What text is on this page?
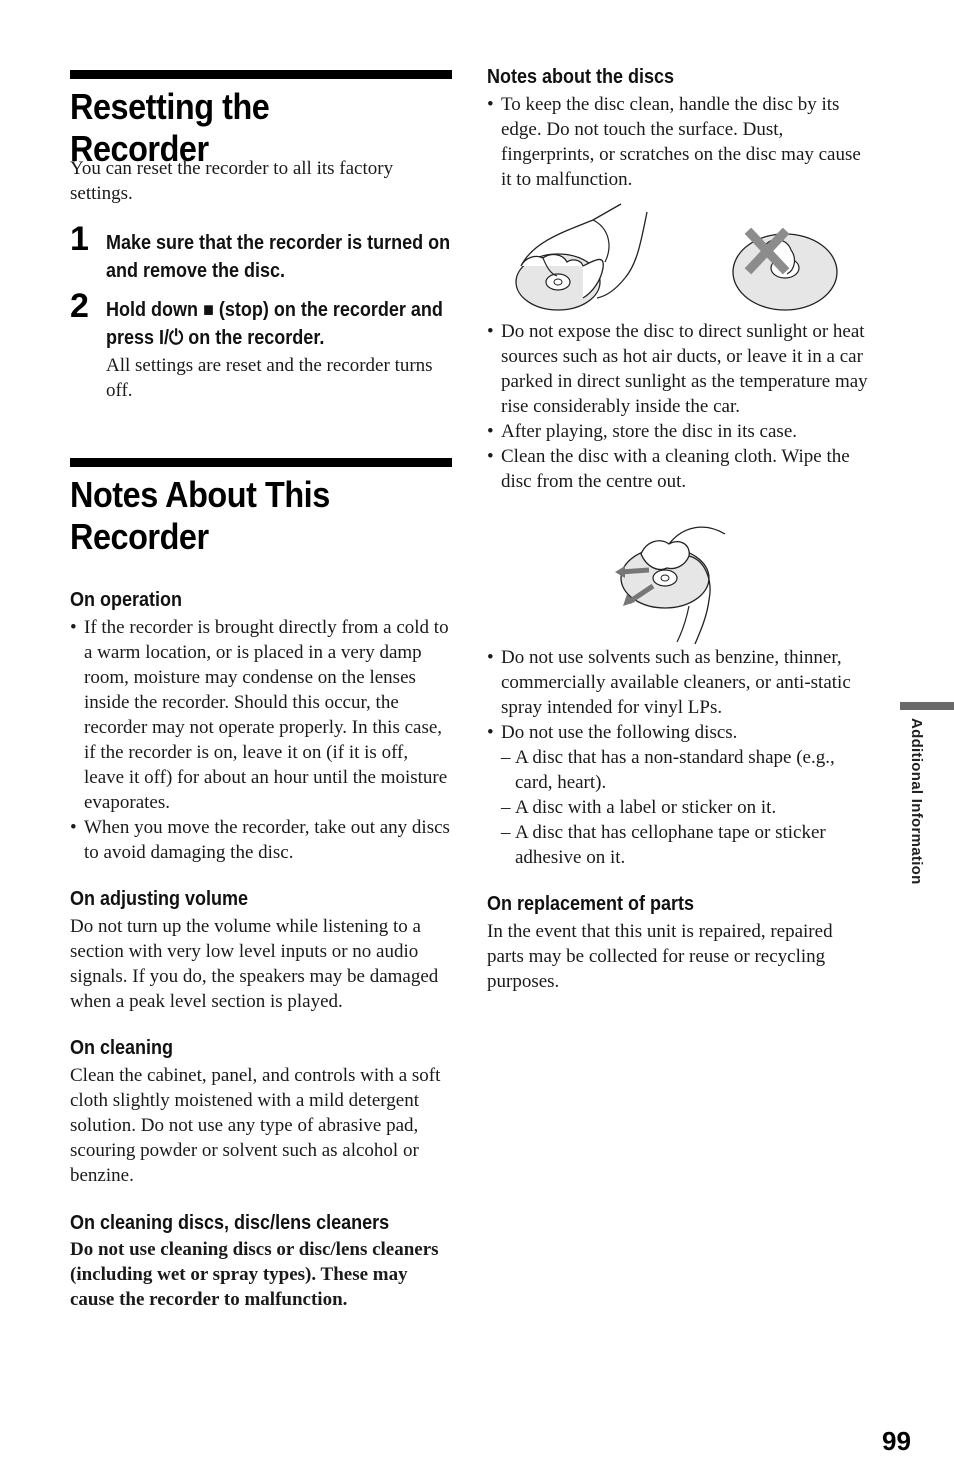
Resetting the Recorder

You can reset the recorder to all its factory settings.

1 Make sure that the recorder is turned on and remove the disc.

2 Hold down ■ (stop) on the recorder and press I/⏻ on the recorder.

All settings are reset and the recorder turns off.

Notes About This Recorder
On operation
• If the recorder is brought directly from a cold to a warm location, or is placed in a very damp room, moisture may condense on the lenses inside the recorder. Should this occur, the recorder may not operate properly. In this case, if the recorder is on, leave it on (if it is off, leave it off) for about an hour until the moisture evaporates.
• When you move the recorder, take out any discs to avoid damaging the disc.
On adjusting volume

Do not turn up the volume while listening to a section with very low level inputs or no audio signals. If you do, the speakers may be damaged when a peak level section is played.

On cleaning

Clean the cabinet, panel, and controls with a soft cloth slightly moistened with a mild detergent solution. Do not use any type of abrasive pad, scouring powder or solvent such as alcohol or benzine.

On cleaning discs, disc/lens cleaners

Do not use cleaning discs or disc/lens cleaners (including wet or spray types). These may cause the recorder to malfunction.

Notes about the discs
• To keep the disc clean, handle the disc by its edge. Do not touch the surface. Dust, fingerprints, or scratches on the disc may cause it to malfunction.
• Do not expose the disc to direct sunlight or heat sources such as hot air ducts, or leave it in a car parked in direct sunlight as the temperature may rise considerably inside the car.
• After playing, store the disc in its case.
• Clean the disc with a cleaning cloth. Wipe the disc from the centre out.
• Do not use solvents such as benzine, thinner, commercially available cleaners, or anti-static spray intended for vinyl LPs.
• Do not use the following discs.
– A disc that has a non-standard shape (e.g., card, heart).
– A disc with a label or sticker on it.
– A disc that has cellophane tape or sticker adhesive on it.
On replacement of parts

In the event that this unit is repaired, repaired parts may be collected for reuse or recycling purposes.

Additional Information
99
